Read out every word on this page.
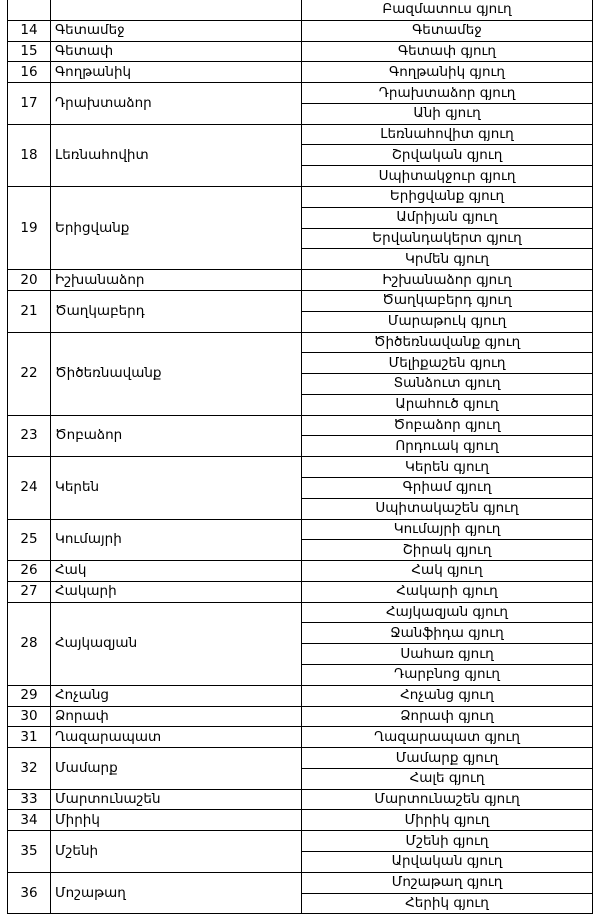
		Բազմատուս գյուղ
14	Գետամեջ	Գետամեջ
15	Գետափ	Գետափ գյուղ
16	Գողթանիկ	Գողթանիկ գյուղ
17	Դրախտաձոր	Դրախտաձոր գյուղ
		Անի գյուղ
18	Լեռնահովիտ	Լեռնահովիտ գյուղ
		Շրվական գյուղ
		Սպիտակջուր գյուղ
19	Երիցվանք	Երիցվանք գյուղ
		Ամրիյան գյուղ
		Երվանդակերտ գյուղ
		Կրմեն գյուղ
20	Իշխանաձոր	Իշխանաձոր գյուղ
21	Ծաղկաբերդ	Ծաղկաբերդ գյուղ
		Մարաթուկ գյուղ
22	Ծիծեռնավանք	Ծիծեռնավանք գյուղ
		Մելիքաշեն գյուղ
		Տանձուտ գյուղ
		Արահուծ գյուղ
23	Ծոբաձոր	Ծոբաձոր գյուղ
		Որդուակ գյուղ
24	Կերեն	Կերեն գյուղ
		Գրիամ գյուղ
		Սպիտակաշեն գյուղ
25	Կումայրի	Կումայրի գյուղ
		Շիրակ գյուղ
26	Հակ	Հակ գյուղ
27	Հակարի	Հակարի գյուղ
28	Հայկազյան	Հայկազյան գյուղ
		Ջանֆիդա գյուղ
		Սահառ գյուղ
		Դարբնոց գյուղ
29	Հոչանց	Հոչանց գյուղ
30	Ձորափ	Ձորափ գյուղ
31	Ղազարապատ	Ղազարապատ գյուղ
32	Մամարք	Մամարք գյուղ
		Հալե գյուղ
33	Մարտունաշեն	Մարտունաշեն գյուղ
34	Միրիկ	Միրիկ գյուղ
35	Մշենի	Մշենի գյուղ
		Արվական գյուղ
36	Մոշաթաղ	Մոշաթաղ գյուղ
		Հերիկ գյուղ
